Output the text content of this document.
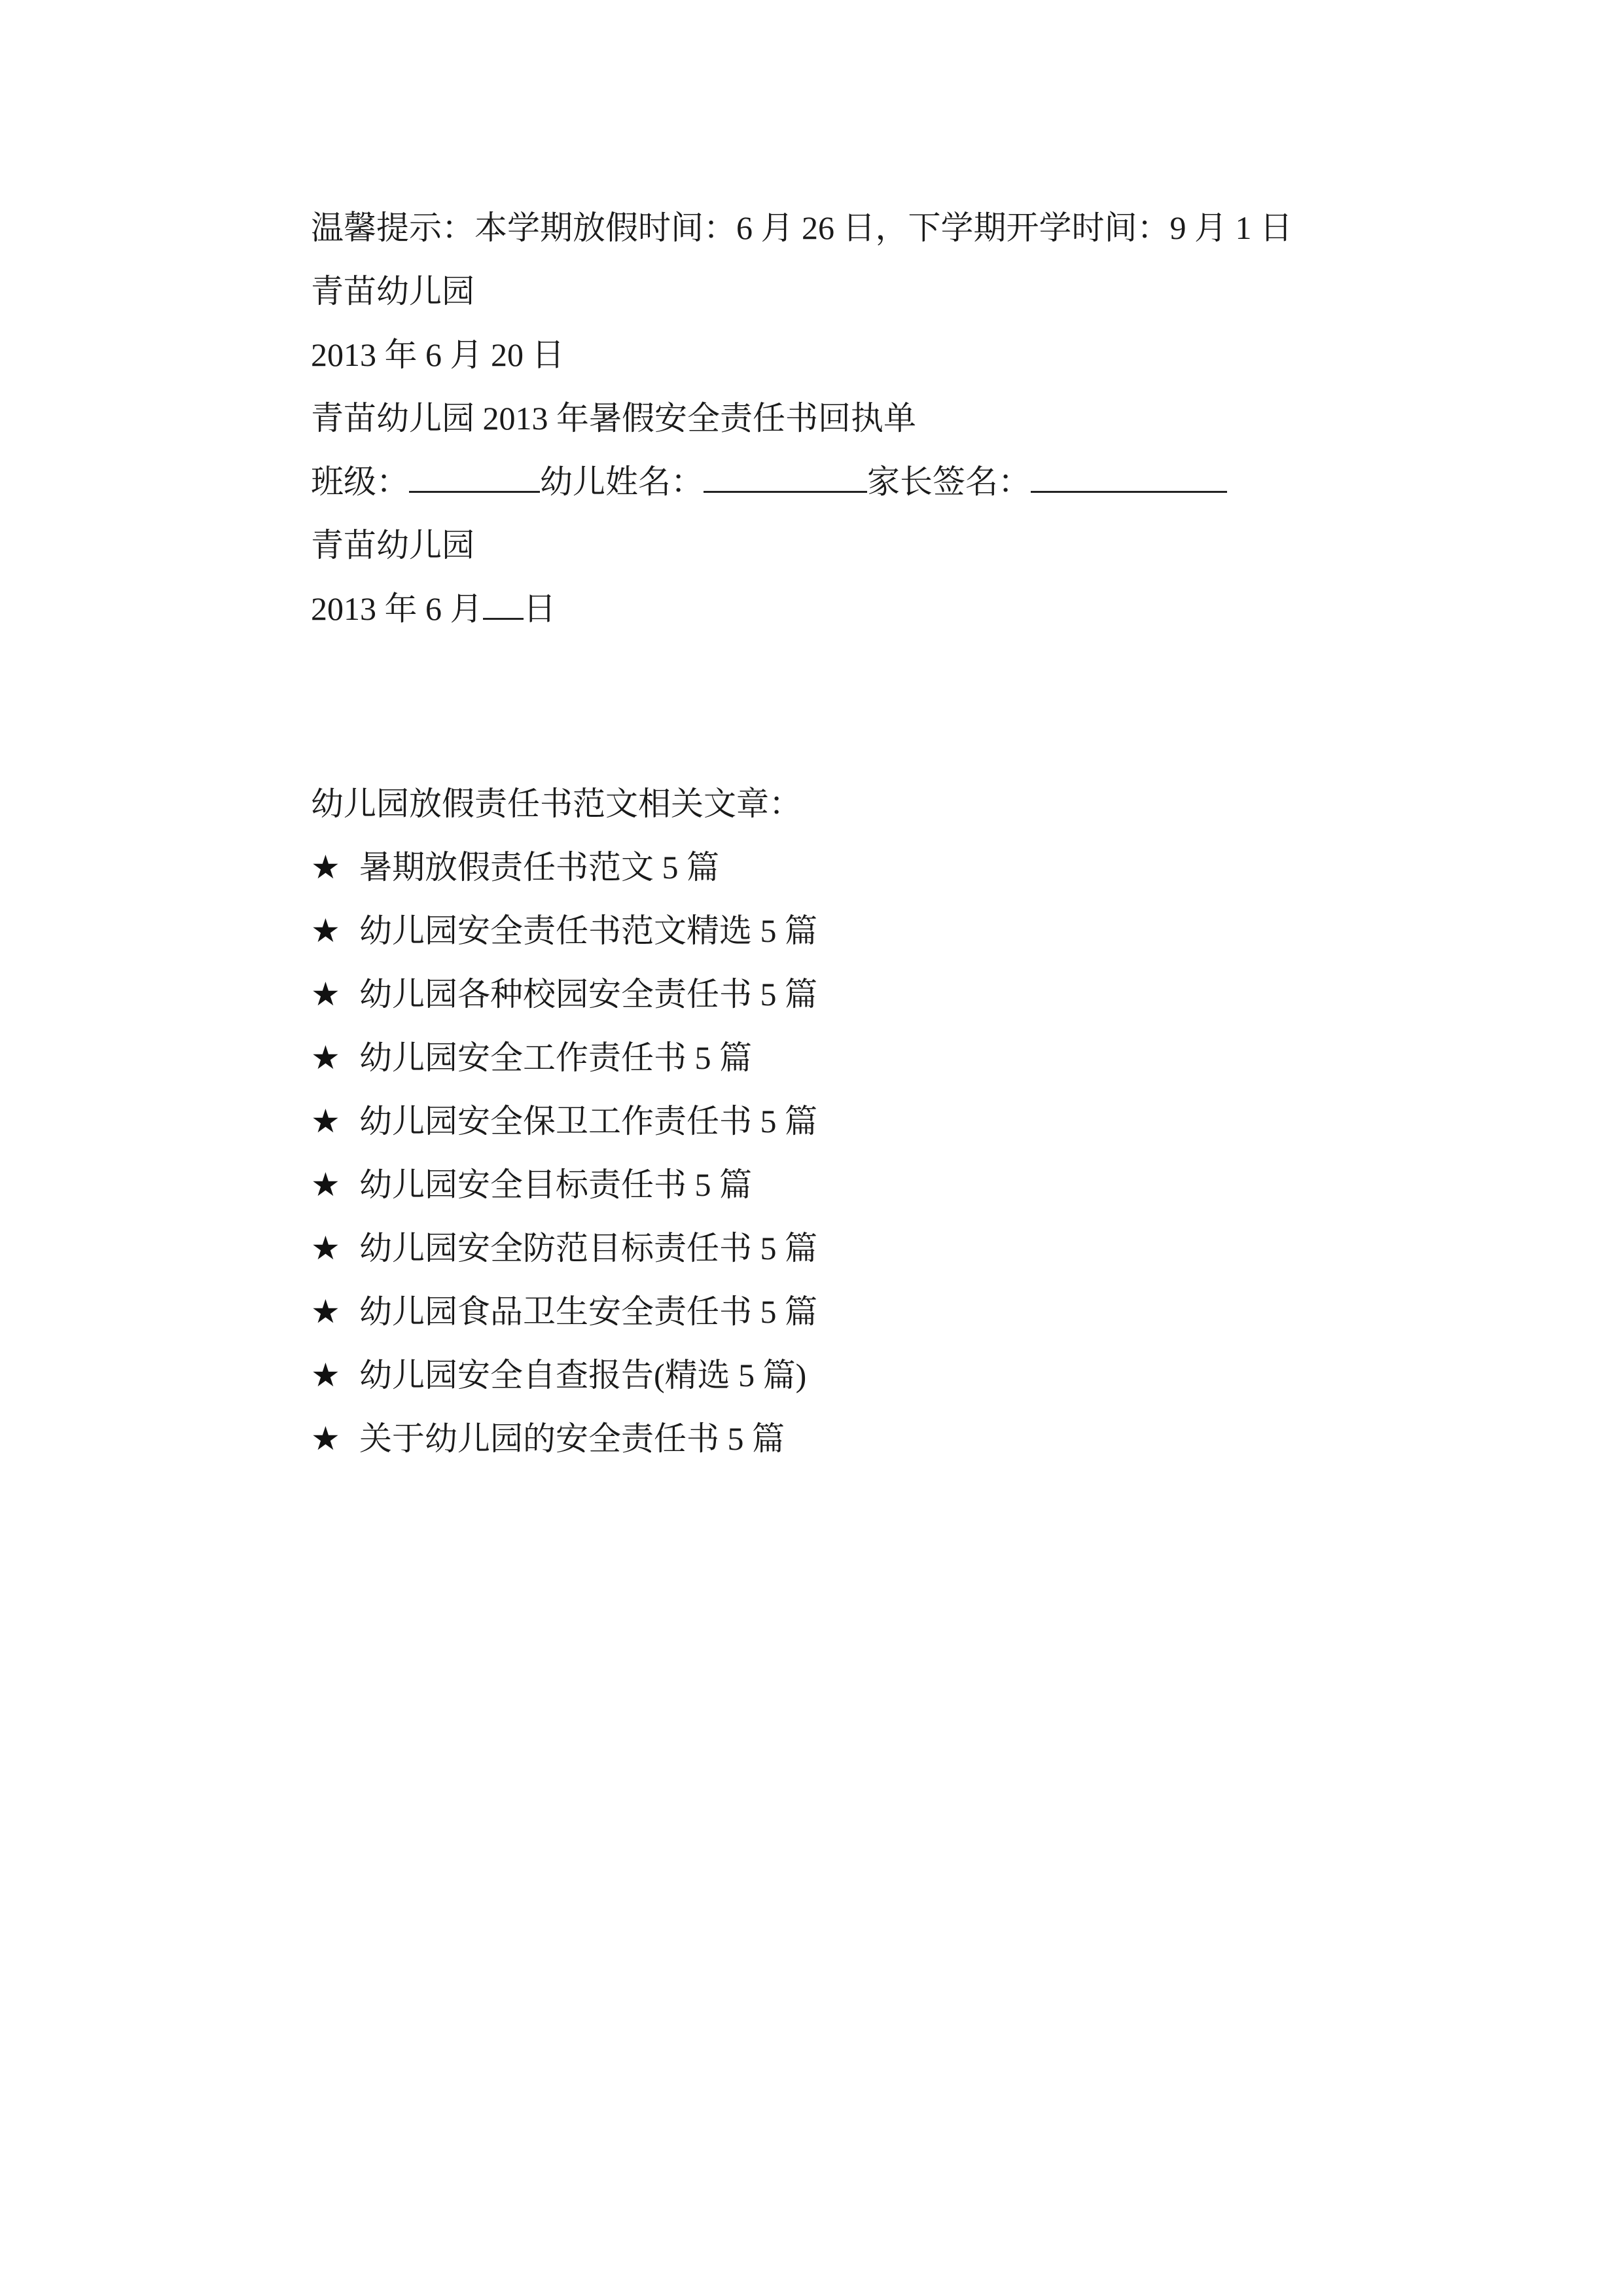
温馨提示：本学期放假时间：6 月 26 日，下学期开学时间：9 月 1 日
青苗幼儿园
2013 年 6 月 20 日
青苗幼儿园 2013 年暑假安全责任书回执单
班级：	幼儿姓名：	家长签名：
青苗幼儿园
2013 年 6 月 日
幼儿园放假责任书范文相关文章：
★ 暑期放假责任书范文 5 篇
★ 幼儿园安全责任书范文精选 5 篇
★ 幼儿园各种校园安全责任书 5 篇
★ 幼儿园安全工作责任书 5 篇
★ 幼儿园安全保卫工作责任书 5 篇
★ 幼儿园安全目标责任书 5 篇
★ 幼儿园安全防范目标责任书 5 篇
★ 幼儿园食品卫生安全责任书 5 篇
★ 幼儿园安全自查报告(精选 5 篇)
★ 关于幼儿园的安全责任书 5 篇
